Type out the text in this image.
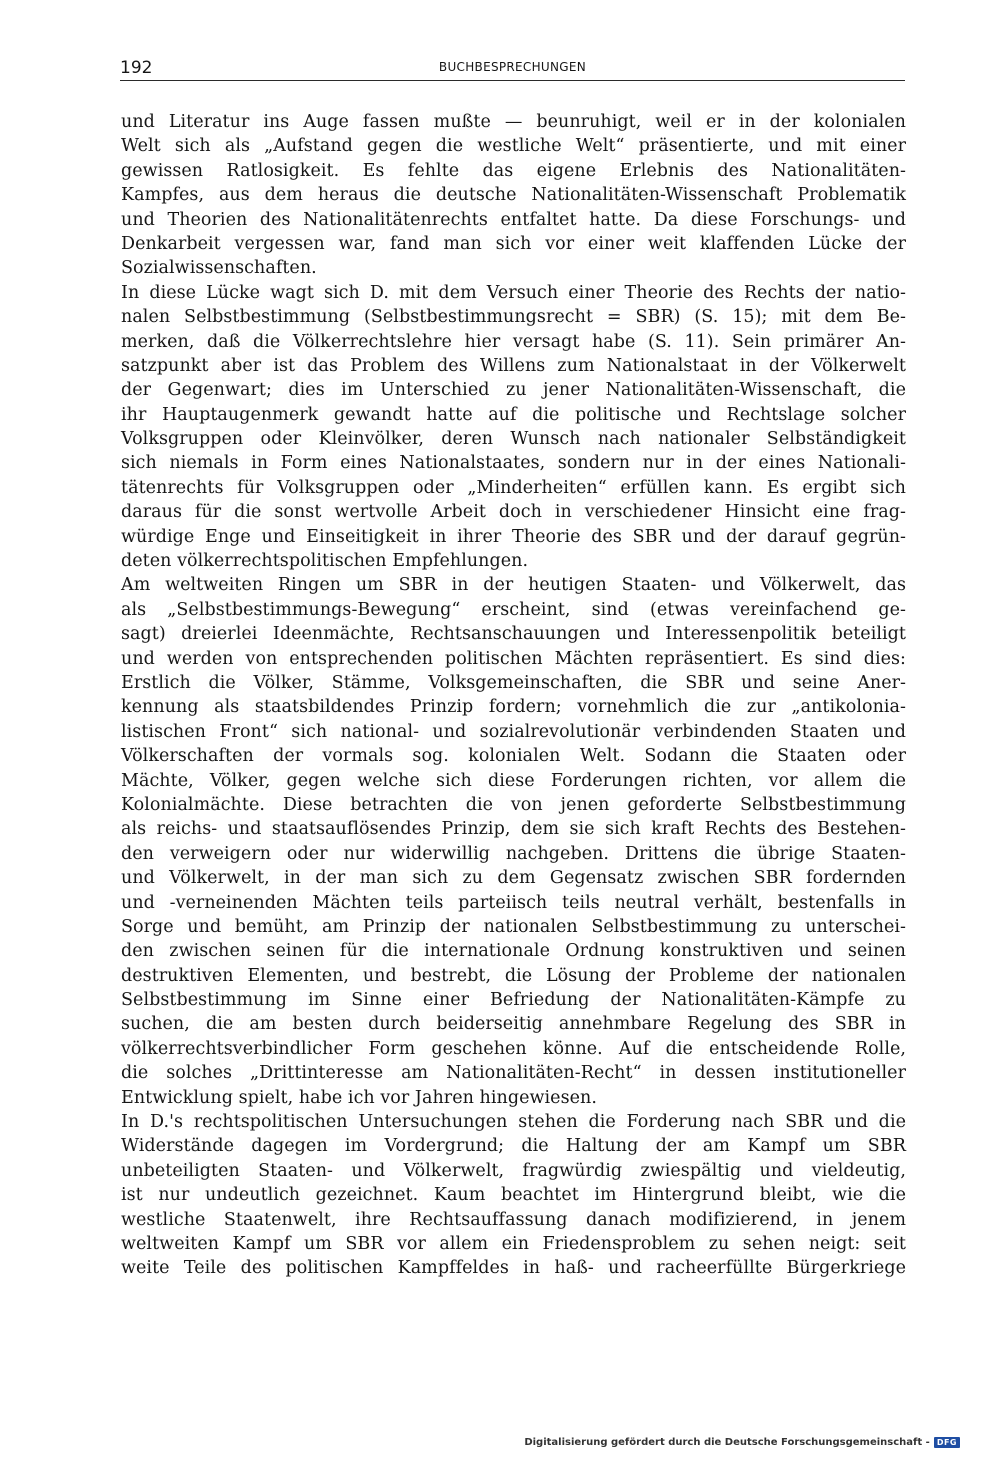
192	BUCHBESPRECHUNGEN
und Literatur ins Auge fassen mußte — beunruhigt, weil er in der kolonialen
Welt sich als „Aufstand gegen die westliche Welt“ präsentierte, und mit einer
gewissen Ratlosigkeit. Es fehlte das eigene Erlebnis des Nationalitäten-
Kampfes, aus dem heraus die deutsche Nationalitäten-Wissenschaft Problematik
und Theorien des Nationalitätenrechts entfaltet hatte. Da diese Forschungs- und
Denkarbeit vergessen war, fand man sich vor einer weit klaffenden Lücke der
Sozialwissenschaften.
In diese Lücke wagt sich D. mit dem Versuch einer Theorie des Rechts der natio-
nalen Selbstbestimmung (Selbstbestimmungsrecht = SBR) (S. 15); mit dem Be-
merken, daß die Völkerrechtslehre hier versagt habe (S. 11). Sein primärer An-
satzpunkt aber ist das Problem des Willens zum Nationalstaat in der Völkerwelt
der Gegenwart; dies im Unterschied zu jener Nationalitäten-Wissenschaft, die
ihr Hauptaugenmerk gewandt hatte auf die politische und Rechtslage solcher
Volksgruppen oder Kleinvölker, deren Wunsch nach nationaler Selbständigkeit
sich niemals in Form eines Nationalstaates, sondern nur in der eines Nationali-
tätenrechts für Volksgruppen oder „Minderheiten“ erfüllen kann. Es ergibt sich
daraus für die sonst wertvolle Arbeit doch in verschiedener Hinsicht eine frag-
würdige Enge und Einseitigkeit in ihrer Theorie des SBR und der darauf gegrün-
deten völkerrechtspolitischen Empfehlungen.
Am weltweiten Ringen um SBR in der heutigen Staaten- und Völkerwelt, das
als „Selbstbestimmungs-Bewegung“ erscheint, sind (etwas vereinfachend ge-
sagt) dreierlei Ideenmächte, Rechtsanschauungen und Interessenpolitik beteiligt
und werden von entsprechenden politischen Mächten repräsentiert. Es sind dies:
Erstlich die Völker, Stämme, Volksgemeinschaften, die SBR und seine Aner-
kennung als staatsbildendes Prinzip fordern; vornehmlich die zur „antikolonia-
listischen Front“ sich national- und sozialrevolutionär verbindenden Staaten und
Völkerschaften der vormals sog. kolonialen Welt. Sodann die Staaten oder
Mächte, Völker, gegen welche sich diese Forderungen richten, vor allem die
Kolonialmächte. Diese betrachten die von jenen geforderte Selbstbestimmung
als reichs- und staatsauflösendes Prinzip, dem sie sich kraft Rechts des Bestehen-
den verweigern oder nur widerwillig nachgeben. Drittens die übrige Staaten-
und Völkerwelt, in der man sich zu dem Gegensatz zwischen SBR fordernden
und -verneinenden Mächten teils parteiisch teils neutral verhält, bestenfalls in
Sorge und bemüht, am Prinzip der nationalen Selbstbestimmung zu unterschei-
den zwischen seinen für die internationale Ordnung konstruktiven und seinen
destruktiven Elementen, und bestrebt, die Lösung der Probleme der nationalen
Selbstbestimmung im Sinne einer Befriedung der Nationalitäten-Kämpfe zu
suchen, die am besten durch beiderseitig annehmbare Regelung des SBR in
völkerrechtsverbindlicher Form geschehen könne. Auf die entscheidende Rolle,
die solches „Drittinteresse am Nationalitäten-Recht“ in dessen institutioneller
Entwicklung spielt, habe ich vor Jahren hingewiesen.
In D.'s rechtspolitischen Untersuchungen stehen die Forderung nach SBR und die
Widerstände dagegen im Vordergrund; die Haltung der am Kampf um SBR
unbeteiligten Staaten- und Völkerwelt, fragwürdig zwiespältig und vieldeutig,
ist nur undeutlich gezeichnet. Kaum beachtet im Hintergrund bleibt, wie die
westliche Staatenwelt, ihre Rechtsauffassung danach modifizierend, in jenem
weltweiten Kampf um SBR vor allem ein Friedensproblem zu sehen neigt: seit
weite Teile des politischen Kampffeldes in haß- und racheerfüllte Bürgerkriege
Digitalisierung gefördert durch die Deutsche Forschungsgemeinschaft - DFG
